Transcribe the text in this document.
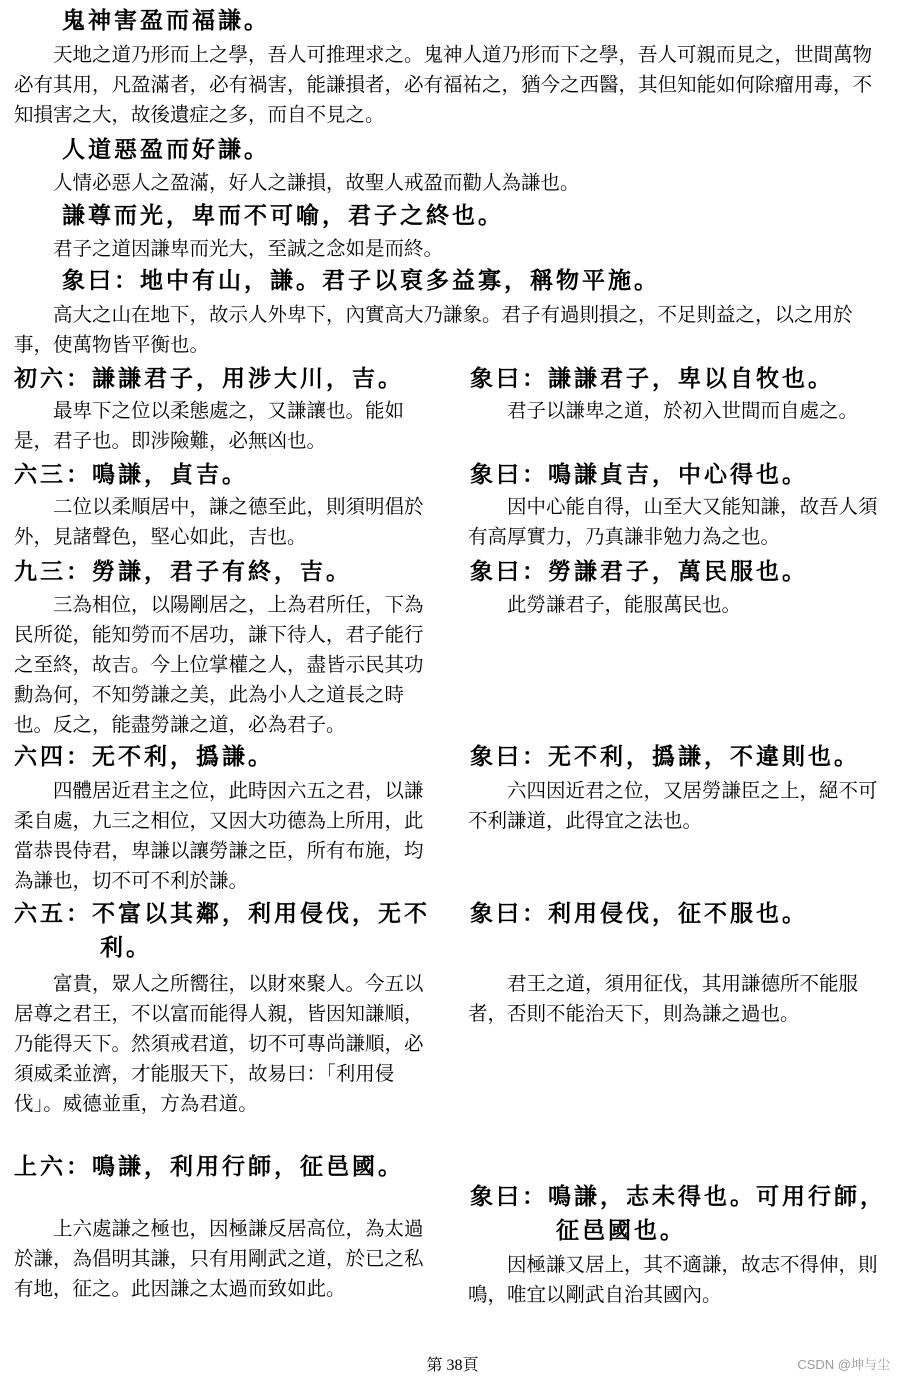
鬼神害盈而福謙。
天地之道乃形而上之學，吾人可推理求之。鬼神人道乃形而下之學，吾人可親而見之，世間萬物必有其用，凡盈滿者，必有禍害，能謙損者，必有福祐之，猶今之西醫，其但知能如何除瘤用毒，不知損害之大，故後遺症之多，而自不見之。
人道惡盈而好謙。
人情必惡人之盈滿，好人之謙損，故聖人戒盈而勸人為謙也。
謙尊而光，卑而不可喻，君子之終也。
君子之道因謙卑而光大，至誠之念如是而終。
象曰：地中有山，謙。君子以裒多益寡，稱物平施。
高大之山在地下，故示人外卑下，內實高大乃謙象。君子有過則損之，不足則益之，以之用於事，使萬物皆平衡也。
初六：謙謙君子，用涉大川，吉。
最卑下之位以柔態處之，又謙讓也。能如是，君子也。即涉險難，必無凶也。
象曰：謙謙君子，卑以自牧也。
君子以謙卑之道，於初入世間而自處之。
六三：鳴謙，貞吉。
二位以柔順居中，謙之德至此，則須明倡於外，見諸聲色，堅心如此，吉也。
象曰：鳴謙貞吉，中心得也。
因中心能自得，山至大又能知謙，故吾人須有高厚實力，乃真謙非勉力為之也。
九三：勞謙，君子有終，吉。
三為相位，以陽剛居之，上為君所任，下為民所從，能知勞而不居功，謙下待人，君子能行之至終，故吉。今上位掌權之人，盡皆示民其功勳為何，不知勞謙之美，此為小人之道長之時也。反之，能盡勞謙之道，必為君子。
象曰：勞謙君子，萬民服也。
此勞謙君子，能服萬民也。
六四：无不利，撝謙。
四體居近君主之位，此時因六五之君，以謙柔自處，九三之相位，又因大功德為上所用，此當恭畏侍君，卑謙以讓勞謙之臣，所有布施，均為謙也，切不可不利於謙。
象曰：无不利，撝謙，不違則也。
六四因近君之位，又居勞謙臣之上，絕不可不利謙道，此得宜之法也。
六五：不富以其鄰，利用侵伐，无不利。
富貴，眾人之所嚮往，以財來聚人。今五以居尊之君王，不以富而能得人親，皆因知謙順，乃能得天下。然須戒君道，切不可專尚謙順，必須威柔並濟，才能服天下，故易曰：「利用侵伐」。威德並重，方為君道。
象曰：利用侵伐，征不服也。
君王之道，須用征伐，其用謙德所不能服者，否則不能治天下，則為謙之過也。
上六：鳴謙，利用行師，征邑國。
上六處謙之極也，因極謙反居高位，為太過於謙，為倡明其謙，只有用剛武之道，於已之私有地，征之。此因謙之太過而致如此。
象曰：鳴謙，志未得也。可用行師，征邑國也。
因極謙又居上，其不適謙，故志不得伸，則鳴，唯宜以剛武自治其國內。
第 38頁	CSDN @坤与尘
